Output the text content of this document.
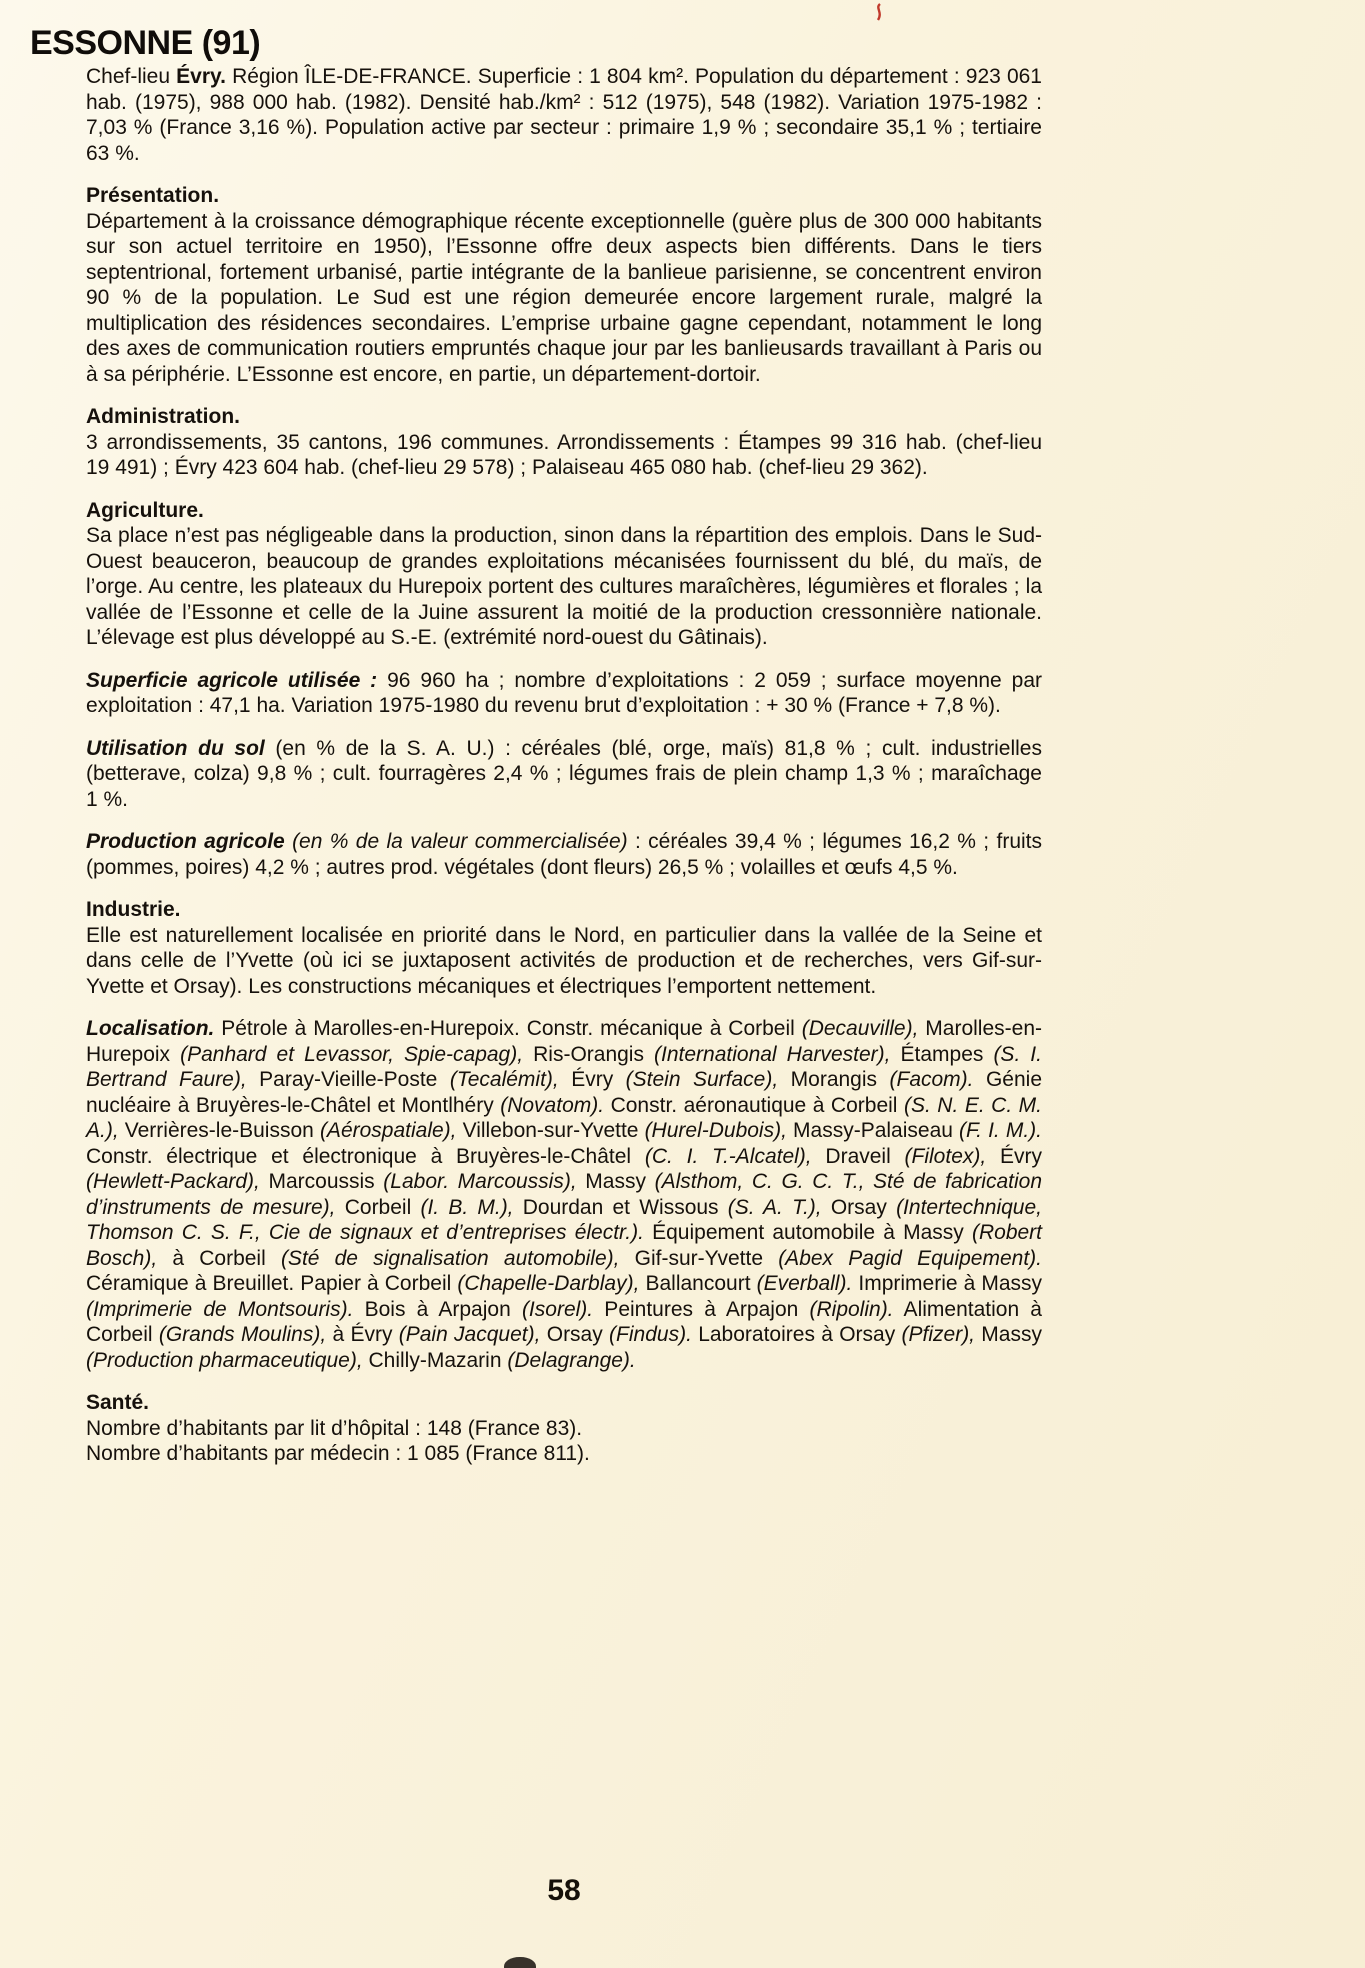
ESSONNE (91)

Chef-lieu Évry. Région ÎLE-DE-FRANCE. Superficie : 1 804 km². Population du département : 923 061 hab. (1975), 988 000 hab. (1982). Densité hab./km² : 512 (1975), 548 (1982). Variation 1975-1982 : 7,03 % (France 3,16 %). Population active par secteur : primaire 1,9 % ; secondaire 35,1 % ; tertiaire 63 %.

Présentation.

Département à la croissance démographique récente exceptionnelle (guère plus de 300 000 habitants sur son actuel territoire en 1950), l’Essonne offre deux aspects bien différents. Dans le tiers septentrional, fortement urbanisé, partie intégrante de la banlieue parisienne, se concentrent environ 90 % de la population. Le Sud est une région demeurée encore largement rurale, malgré la multiplication des résidences secondaires. L’emprise urbaine gagne cependant, notamment le long des axes de communication routiers empruntés chaque jour par les banlieusards travaillant à Paris ou à sa périphérie. L’Essonne est encore, en partie, un département-dortoir.

Administration.

3 arrondissements, 35 cantons, 196 communes. Arrondissements : Étampes 99 316 hab. (chef-lieu 19 491) ; Évry 423 604 hab. (chef-lieu 29 578) ; Palaiseau 465 080 hab. (chef-lieu 29 362).

Agriculture.

Sa place n’est pas négligeable dans la production, sinon dans la répartition des emplois. Dans le Sud-Ouest beauceron, beaucoup de grandes exploitations mécanisées fournissent du blé, du maïs, de l’orge. Au centre, les plateaux du Hurepoix portent des cultures maraîchères, légumières et florales ; la vallée de l’Essonne et celle de la Juine assurent la moitié de la production cressonnière nationale. L’élevage est plus développé au S.-E. (extrémité nord-ouest du Gâtinais).

Superficie agricole utilisée : 96 960 ha ; nombre d’exploitations : 2 059 ; surface moyenne par exploitation : 47,1 ha. Variation 1975-1980 du revenu brut d’exploitation : + 30 % (France + 7,8 %).

Utilisation du sol (en % de la S. A. U.) : céréales (blé, orge, maïs) 81,8 % ; cult. industrielles (betterave, colza) 9,8 % ; cult. fourragères 2,4 % ; légumes frais de plein champ 1,3 % ; maraîchage 1 %.

Production agricole (en % de la valeur commercialisée) : céréales 39,4 % ; légumes 16,2 % ; fruits (pommes, poires) 4,2 % ; autres prod. végétales (dont fleurs) 26,5 % ; volailles et œufs 4,5 %.

Industrie.

Elle est naturellement localisée en priorité dans le Nord, en particulier dans la vallée de la Seine et dans celle de l’Yvette (où ici se juxtaposent activités de production et de recherches, vers Gif-sur-Yvette et Orsay). Les constructions mécaniques et électriques l’emportent nettement.

Localisation. Pétrole à Marolles-en-Hurepoix. Constr. mécanique à Corbeil (Decauville), Marolles-en-Hurepoix (Panhard et Levassor, Spie-capag), Ris-Orangis (International Harvester), Étampes (S. I. Bertrand Faure), Paray-Vieille-Poste (Tecalémit), Évry (Stein Surface), Morangis (Facom). Génie nucléaire à Bruyères-le-Châtel et Montlhéry (Novatom). Constr. aéronautique à Corbeil (S. N. E. C. M. A.), Verrières-le-Buisson (Aérospatiale), Villebon-sur-Yvette (Hurel-Dubois), Massy-Palaiseau (F. I. M.). Constr. électrique et électronique à Bruyères-le-Châtel (C. I. T.-Alcatel), Draveil (Filotex), Évry (Hewlett-Packard), Marcoussis (Labor. Marcoussis), Massy (Alsthom, C. G. C. T., Sté de fabrication d’instruments de mesure), Corbeil (I. B. M.), Dourdan et Wissous (S. A. T.), Orsay (Intertechnique, Thomson C. S. F., Cie de signaux et d’entreprises électr.). Équipement automobile à Massy (Robert Bosch), à Corbeil (Sté de signalisation automobile), Gif-sur-Yvette (Abex Pagid Equipement). Céramique à Breuillet. Papier à Corbeil (Chapelle-Darblay), Ballancourt (Everball). Imprimerie à Massy (Imprimerie de Montsouris). Bois à Arpajon (Isorel). Peintures à Arpajon (Ripolin). Alimentation à Corbeil (Grands Moulins), à Évry (Pain Jacquet), Orsay (Findus). Laboratoires à Orsay (Pfizer), Massy (Production pharmaceutique), Chilly-Mazarin (Delagrange).

Santé.

Nombre d’habitants par lit d’hôpital : 148 (France 83).

Nombre d’habitants par médecin : 1 085 (France 811).

58
